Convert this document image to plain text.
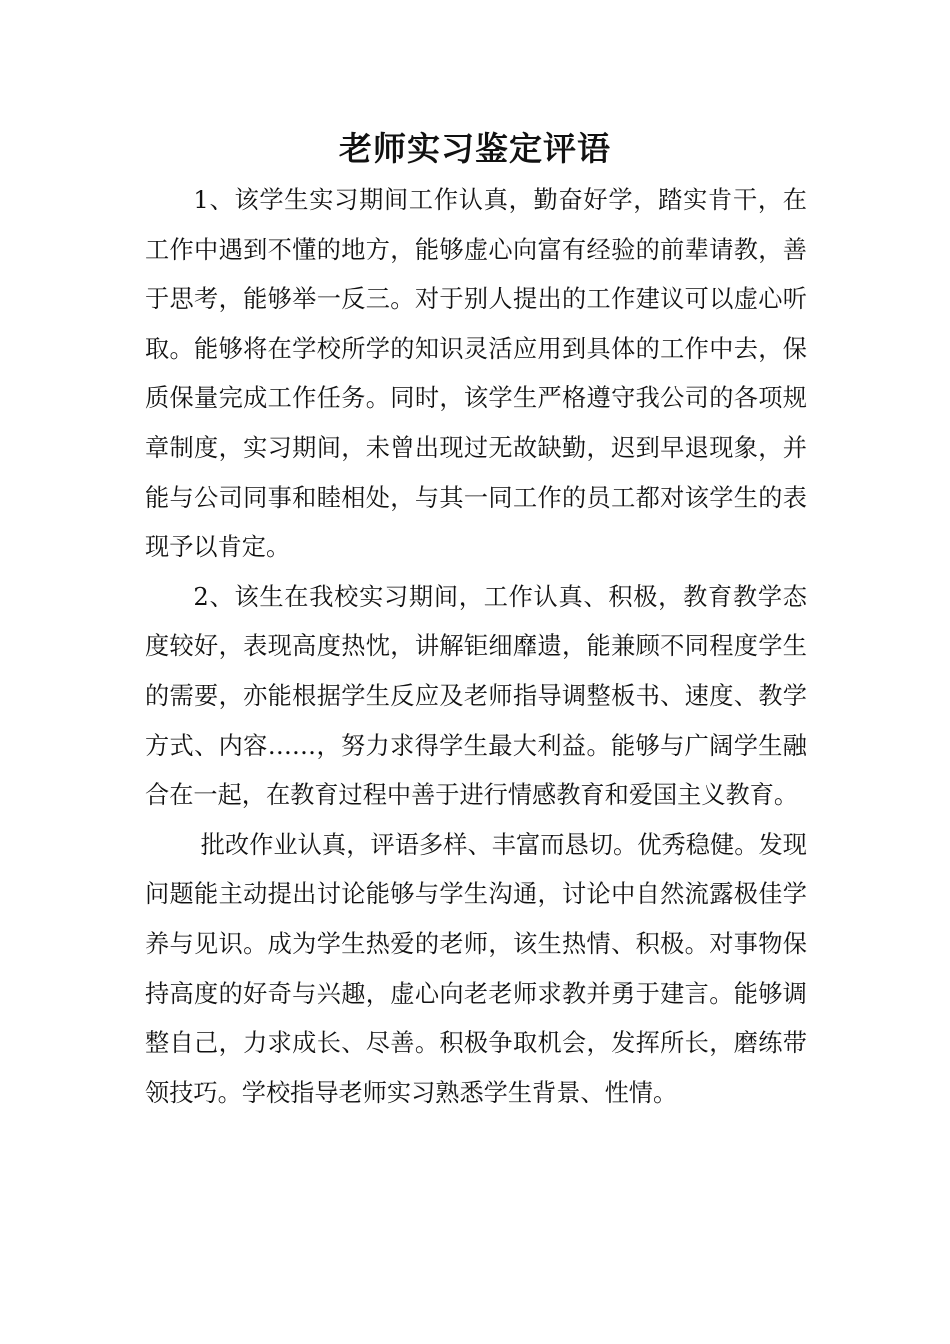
老师实习鉴定评语

1、该学生实习期间工作认真，勤奋好学，踏实肯干，在工作中遇到不懂的地方，能够虚心向富有经验的前辈请教，善于思考，能够举一反三。对于别人提出的工作建议可以虚心听取。能够将在学校所学的知识灵活应用到具体的工作中去，保质保量完成工作任务。同时，该学生严格遵守我公司的各项规章制度，实习期间，未曾出现过无故缺勤，迟到早退现象，并能与公司同事和睦相处，与其一同工作的员工都对该学生的表现予以肯定。

2、该生在我校实习期间，工作认真、积极，教育教学态度较好，表现高度热忱，讲解钜细靡遗，能兼顾不同程度学生的需要，亦能根据学生反应及老师指导调整板书、速度、教学方式、内容……，努力求得学生最大利益。能够与广阔学生融合在一起，在教育过程中善于进行情感教育和爱国主义教育。

批改作业认真，评语多样、丰富而恳切。优秀稳健。发现问题能主动提出讨论能够与学生沟通，讨论中自然流露极佳学养与见识。成为学生热爱的老师，该生热情、积极。对事物保持高度的好奇与兴趣，虚心向老老师求教并勇于建言。能够调整自己，力求成长、尽善。积极争取机会，发挥所长，磨练带领技巧。学校指导老师实习熟悉学生背景、性情。
